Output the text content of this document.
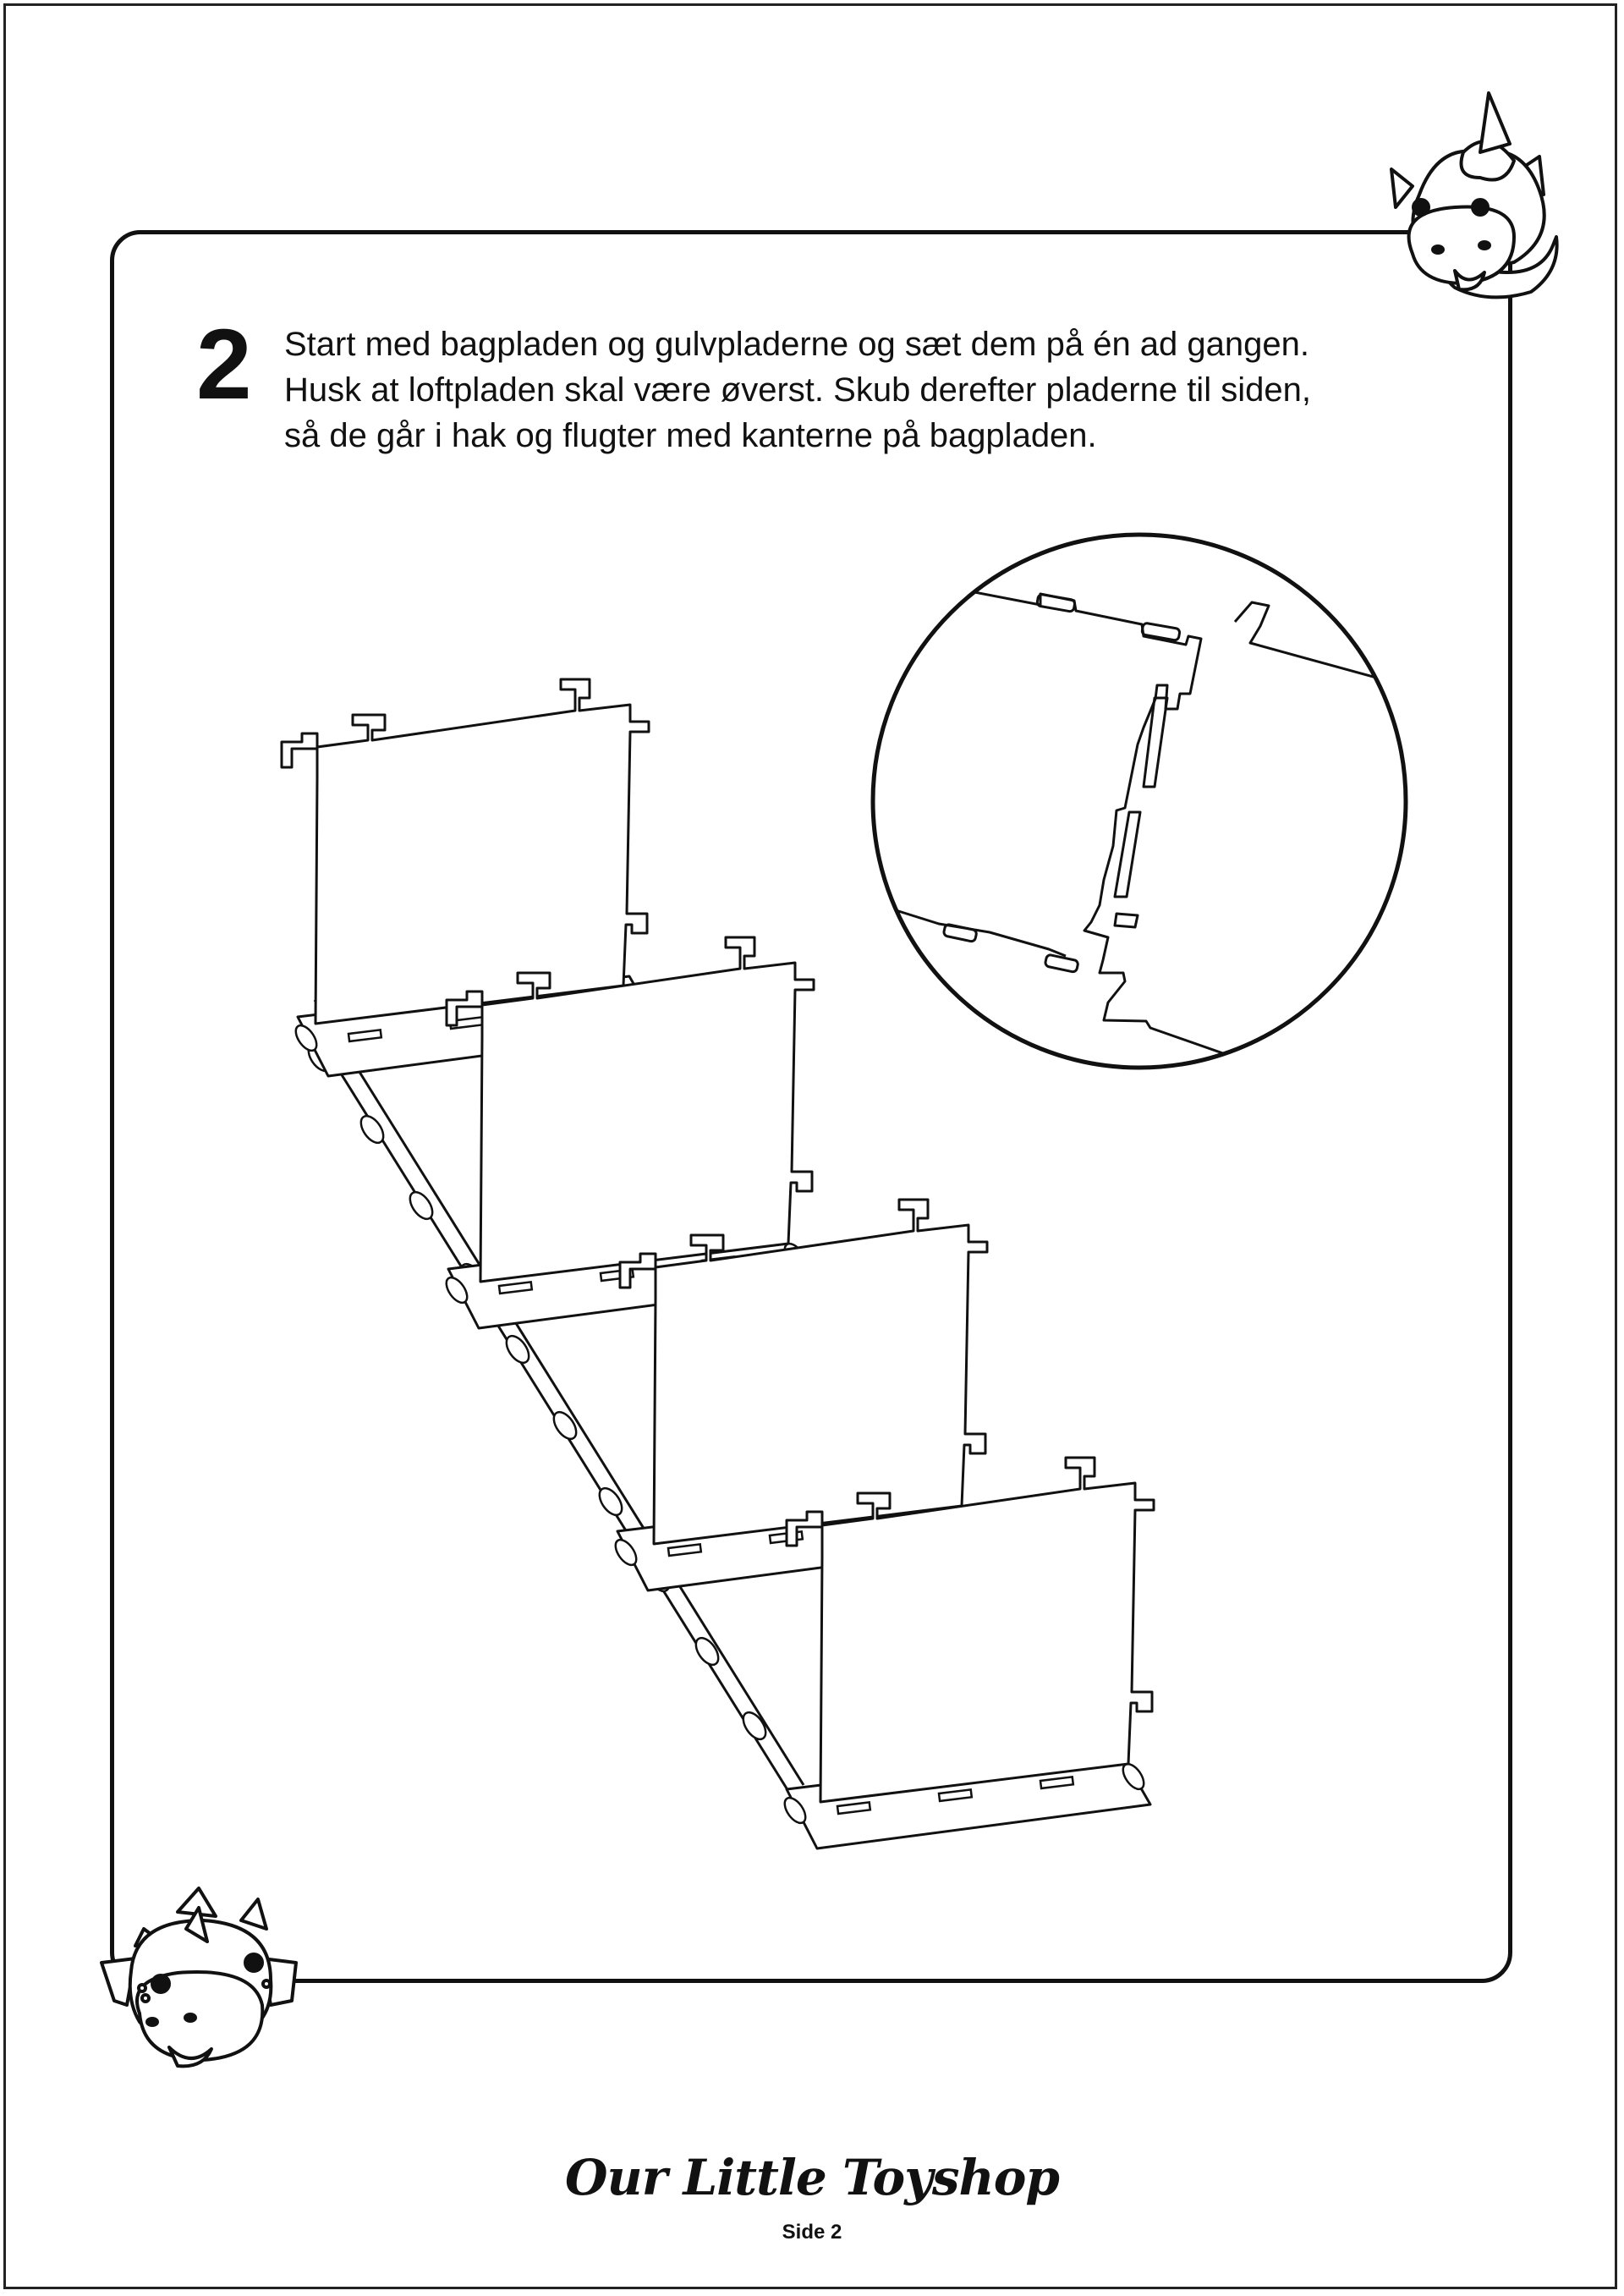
2 Start med bagpladen og gulvpladerne og sæt dem på én ad gangen.
Husk at loftpladen skal være øverst. Skub derefter pladerne til siden,
så de går i hak og flugter med kanterne på bagpladen.
Our Little Toyshop
Side 2
